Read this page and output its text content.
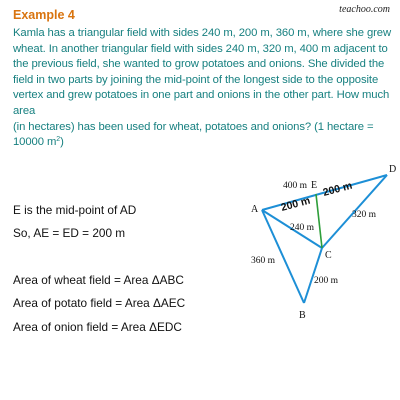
teachoo.com
Example 4

Kamla has a triangular field with sides 240 m, 200 m, 360 m, where she grew wheat. In another triangular field with sides 240 m, 320 m, 400 m adjacent to the previous field, she wanted to grow potatoes and onions. She divided the field in two parts by joining the mid-point of the longest side to the opposite vertex and grew potatoes in one part and onions in the other part. How much area

(in hectares) has been used for wheat, potatoes and onions? (1 hectare = 10000 $m^2$)

E is the mid-point of AD
So, AE = ED = 200 m
Area of wheat field = Area ΔABC
Area of potato field = Area ΔAEC
Area of onion field = Area ΔEDC
A
E
D
C
B
400 m
320 m
240 m
360 m
200 m
200 m
200 m
